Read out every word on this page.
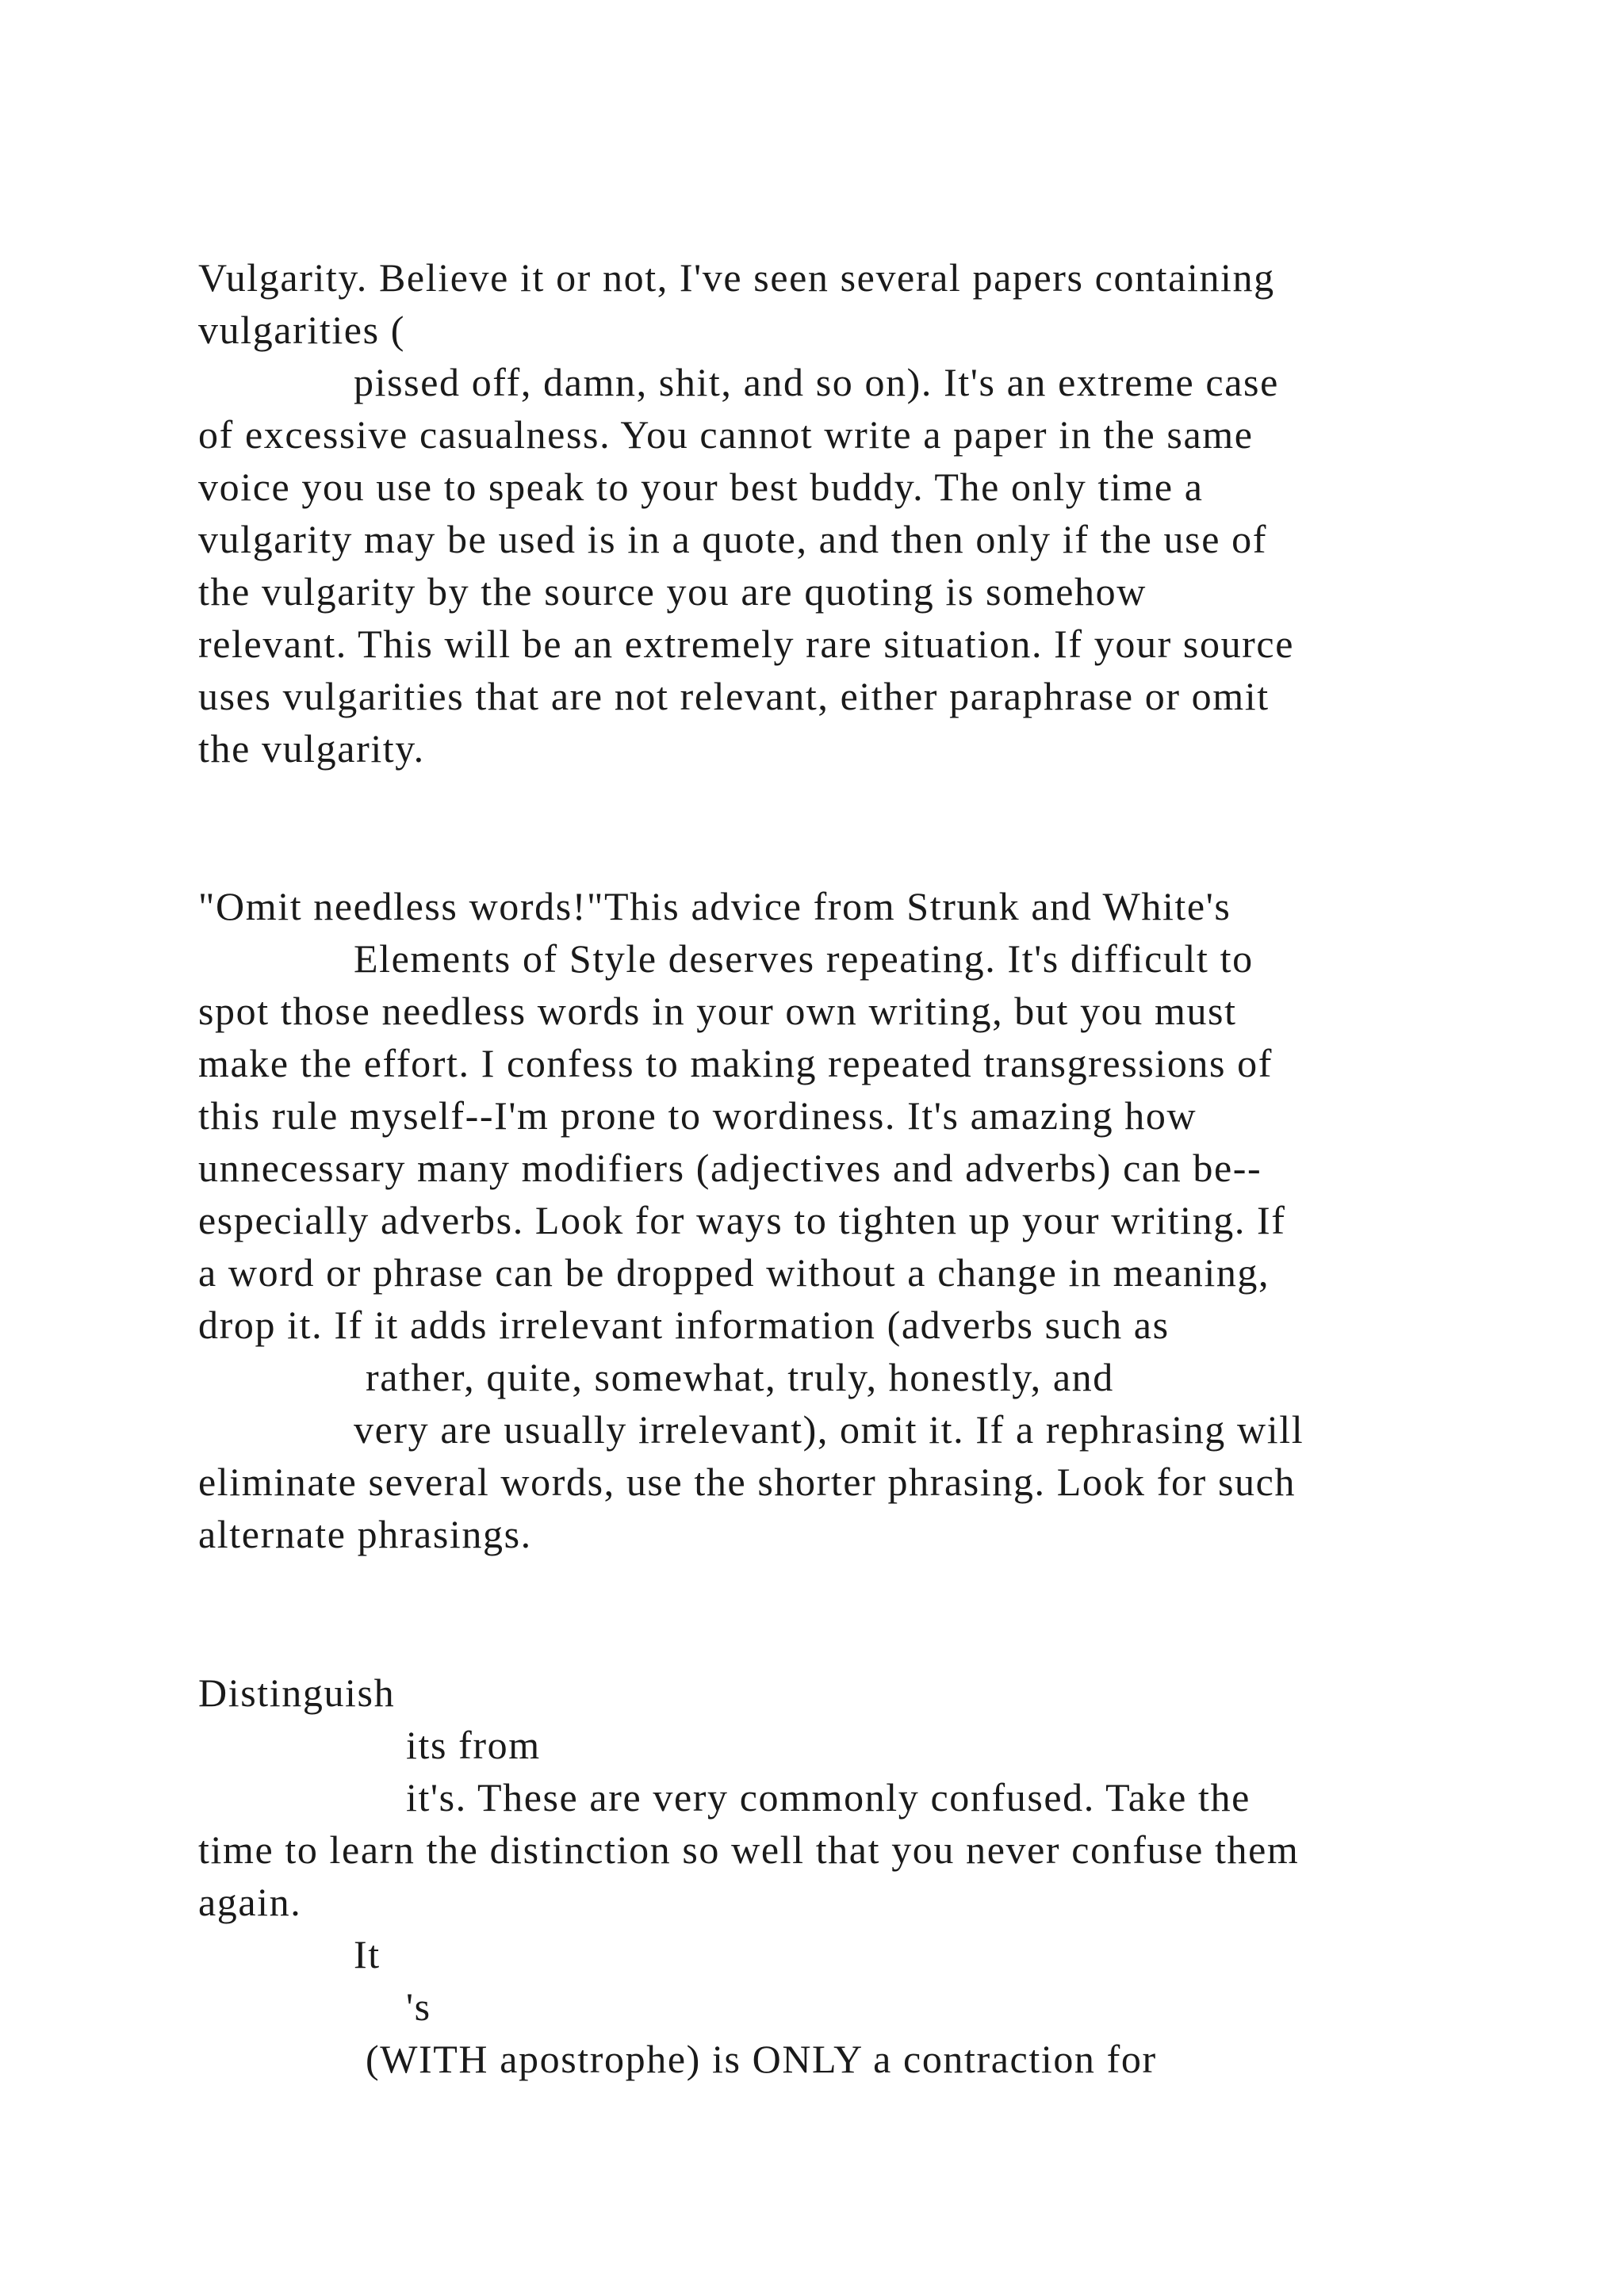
Vulgarity. Believe it or not, I've seen several papers containing
vulgarities (
pissed off, damn, shit, and so on). It's an extreme case
of excessive casualness. You cannot write a paper in the same
voice you use to speak to your best buddy. The only time a
vulgarity may be used is in a quote, and then only if the use of
the vulgarity by the source you are quoting is somehow
relevant. This will be an extremely rare situation. If your source
uses vulgarities that are not relevant, either paraphrase or omit
the vulgarity.
"Omit needless words!"This advice from Strunk and White's
Elements of Style deserves repeating. It's difficult to
spot those needless words in your own writing, but you must
make the effort. I confess to making repeated transgressions of
this rule myself--I'm prone to wordiness. It's amazing how
unnecessary many modifiers (adjectives and adverbs) can be--
especially adverbs. Look for ways to tighten up your writing. If
a word or phrase can be dropped without a change in meaning,
drop it. If it adds irrelevant information (adverbs such as
rather, quite, somewhat, truly, honestly, and
very are usually irrelevant), omit it. If a rephrasing will
eliminate several words, use the shorter phrasing. Look for such
alternate phrasings.
Distinguish
its from
it's. These are very commonly confused. Take the
time to learn the distinction so well that you never confuse them
again.
It
's
(WITH apostrophe) is ONLY a contraction for
